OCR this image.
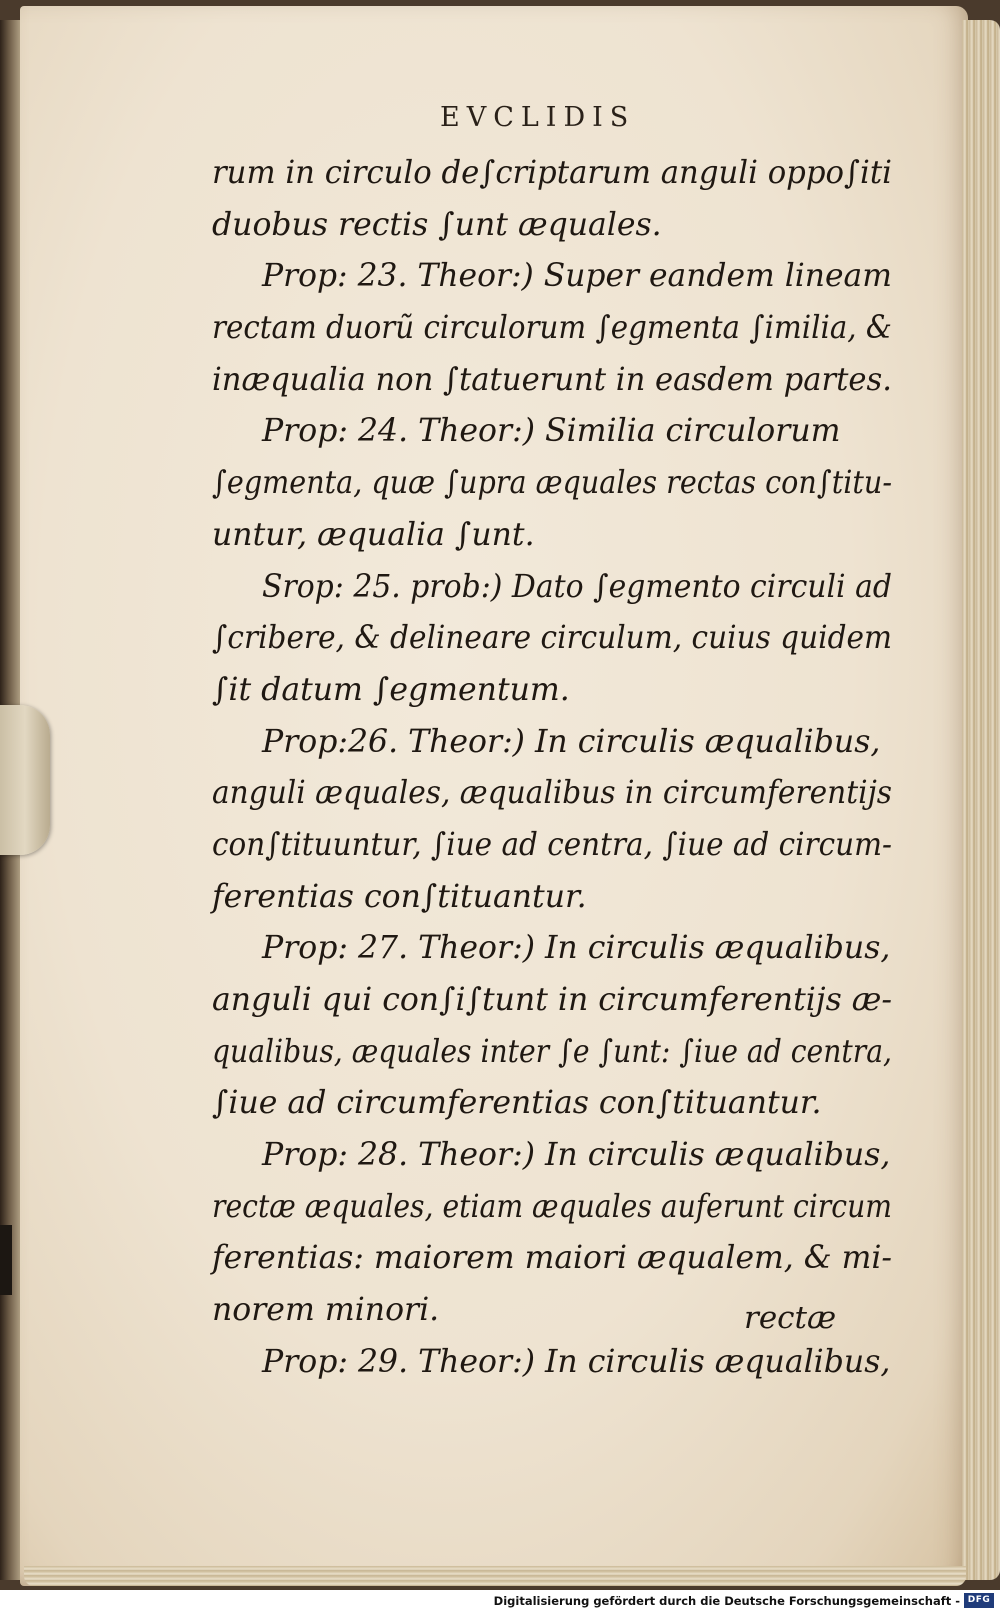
EVCLIDIS
rum in circulo de∫criptarum anguli oppo∫iti
duobus rectis ∫unt æquales.
Prop: 23. Theor:) Super eandem lineam
rectam duorũ circulorum ∫egmenta ∫imilia, &
inæqualia non ∫tatuerunt in easdem partes.
Prop: 24. Theor:) Similia circulorum
∫egmenta, quæ ∫upra æquales rectas con∫titu-
untur, æqualia ∫unt.
Srop: 25. prob:) Dato ∫egmento circuli ad
∫cribere, & delineare circulum, cuius quidem
∫it datum ∫egmentum.
Prop:26. Theor:) In circulis æqualibus,
anguli æquales, æqualibus in circumferentijs
con∫tituuntur, ∫iue ad centra, ∫iue ad circum-
ferentias con∫tituantur.
Prop: 27. Theor:) In circulis æqualibus,
anguli qui con∫i∫tunt in circumferentijs æ-
qualibus, æquales inter ∫e ∫unt: ∫iue ad centra,
∫iue ad circumferentias con∫tituantur.
Prop: 28. Theor:) In circulis æqualibus,
rectæ æquales, etiam æquales auferunt circum
ferentias: maiorem maiori æqualem, & mi-
norem minori.
Prop: 29. Theor:) In circulis æqualibus,
rectæ
Digitalisierung gefördert durch die Deutsche Forschungsgemeinschaft - DFG
